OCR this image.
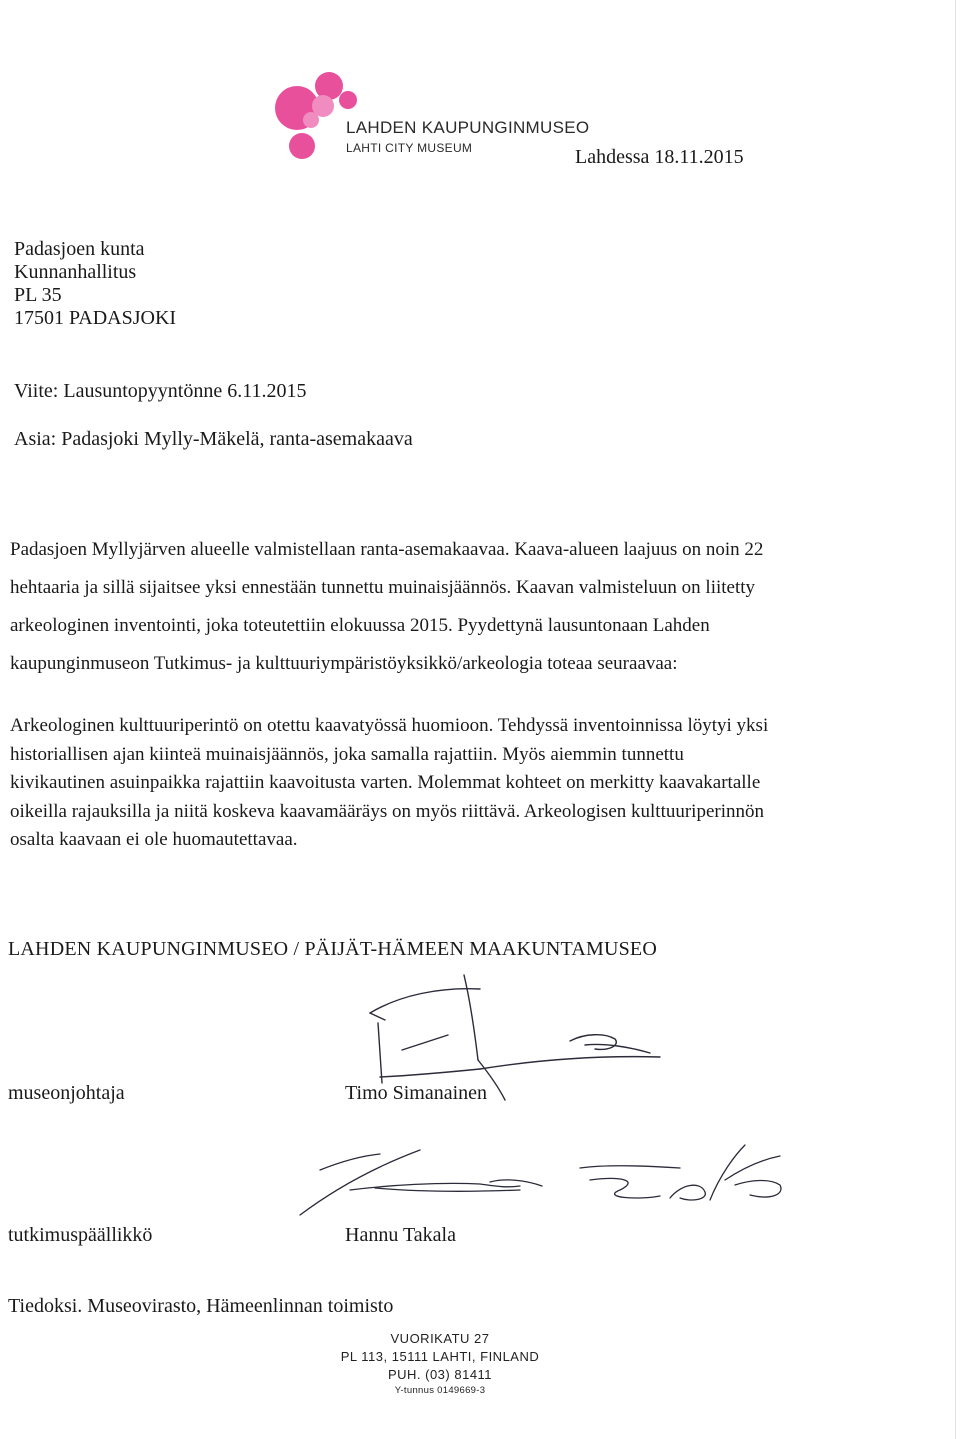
LAHDEN KAUPUNGINMUSEO
LAHTI CITY MUSEUM	Lahdessa 18.11.2015
Padasjoen kunta
Kunnanhallitus
PL 35
17501 PADASJOKI
Viite: Lausuntopyyntönne 6.11.2015
Asia: Padasjoki Mylly-Mäkelä, ranta-asemakaava
Padasjoen Myllyjärven alueelle valmistellaan ranta-asemakaavaa. Kaava-alueen laajuus on noin 22
hehtaaria ja sillä sijaitsee yksi ennestään tunnettu muinaisjäännös. Kaavan valmisteluun on liitetty
arkeologinen inventointi, joka toteutettiin elokuussa 2015. Pyydettynä lausuntonaan Lahden
kaupunginmuseon Tutkimus- ja kulttuuriympäristöyksikkö/arkeologia toteaa seuraavaa:
Arkeologinen kulttuuriperintö on otettu kaavatyössä huomioon. Tehdyssä inventoinnissa löytyi yksi
historiallisen ajan kiinteä muinaisjäännös, joka samalla rajattiin. Myös aiemmin tunnettu
kivikautinen asuinpaikka rajattiin kaavoitusta varten. Molemmat kohteet on merkitty kaavakartalle
oikeilla rajauksilla ja niitä koskeva kaavamääräys on myös riittävä. Arkeologisen kulttuuriperinnön
osalta kaavaan ei ole huomautettavaa.
LAHDEN KAUPUNGINMUSEO / PÄIJÄT-HÄMEEN MAAKUNTAMUSEO
museonjohtaja	Timo Simanainen
tutkimuspäällikkö	Hannu Takala
Tiedoksi. Museovirasto, Hämeenlinnan toimisto
VUORIKATU 27
PL 113, 15111 LAHTI, FINLAND
PUH. (03) 81411
Y-tunnus 0149669-3
